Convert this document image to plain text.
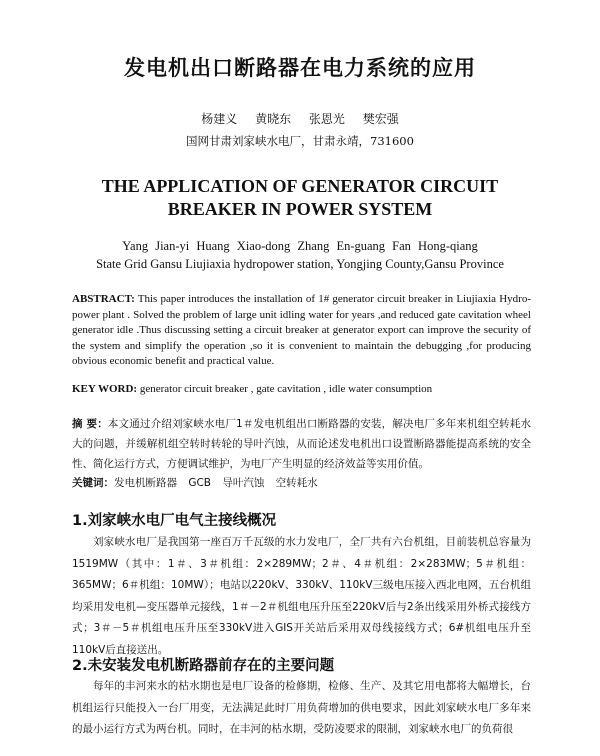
发电机出口断路器在电力系统的应用
杨建义 黄晓东 张恩光 樊宏强
国网甘肃刘家峡水电厂，甘肃永靖，731600
THE APPLICATION OF GENERATOR CIRCUIT BREAKER IN POWER SYSTEM
Yang Jian-yi Huang Xiao-dong Zhang En-guang Fan Hong-qiang
State Grid Gansu Liujiaxia hydropower station, Yongjing County,Gansu Province
ABSTRACT: This paper introduces the installation of 1# generator circuit breaker in Liujiaxia Hydro-power plant . Solved the problem of large unit idling water for years ,and reduced gate cavitation wheel generator idle .Thus discussing setting a circuit breaker at generator export can improve the security of the system and simplify the operation ,so it is convenient to maintain the debugging ,for producing obvious economic benefit and practical value.
KEY WORD: generator circuit breaker , gate cavitation , idle water consumption
摘 要：本文通过介绍刘家峡水电厂1＃发电机组出口断路器的安装，解决电厂多年来机组空转耗水大的问题，并缓解机组空转时转轮的导叶汽蚀，从而论述发电机出口设置断路器能提高系统的安全性、简化运行方式，方便调试维护，为电厂产生明显的经济效益等实用价值。
关键词：发电机断路器 GCB 导叶汽蚀 空转耗水
1.刘家峡水电厂电气主接线概况
刘家峡水电厂是我国第一座百万千瓦级的水力发电厂，全厂共有六台机组，目前装机总容量为1519MW（其中：1＃、3＃机组：2×289MW；2＃、4＃机组：2×283MW；5＃机组：365MW；6＃机组：10MW）；电站以220kV、330kV、110kV三级电压接入西北电网，五台机组均采用发电机—变压器单元接线，1＃－2＃机组电压升压至220kV后与2条出线采用外桥式接线方式；3＃－5＃机组电压升压至330kV进入GIS开关站后采用双母线接线方式；6#机组电压升至110kV后直接送出。
2.未安装发电机断路器前存在的主要问题
每年的丰河来水的枯水期也是电厂设备的检修期，检修、生产、及其它用电都将大幅增长，台机组运行只能投入一台厂用变，无法满足此时厂用负荷增加的供电要求，因此刘家峡水电厂多年来的最小运行方式为两台机。同时，在丰河的枯水期，受防凌要求的限制，刘家峡水电厂的负荷很
